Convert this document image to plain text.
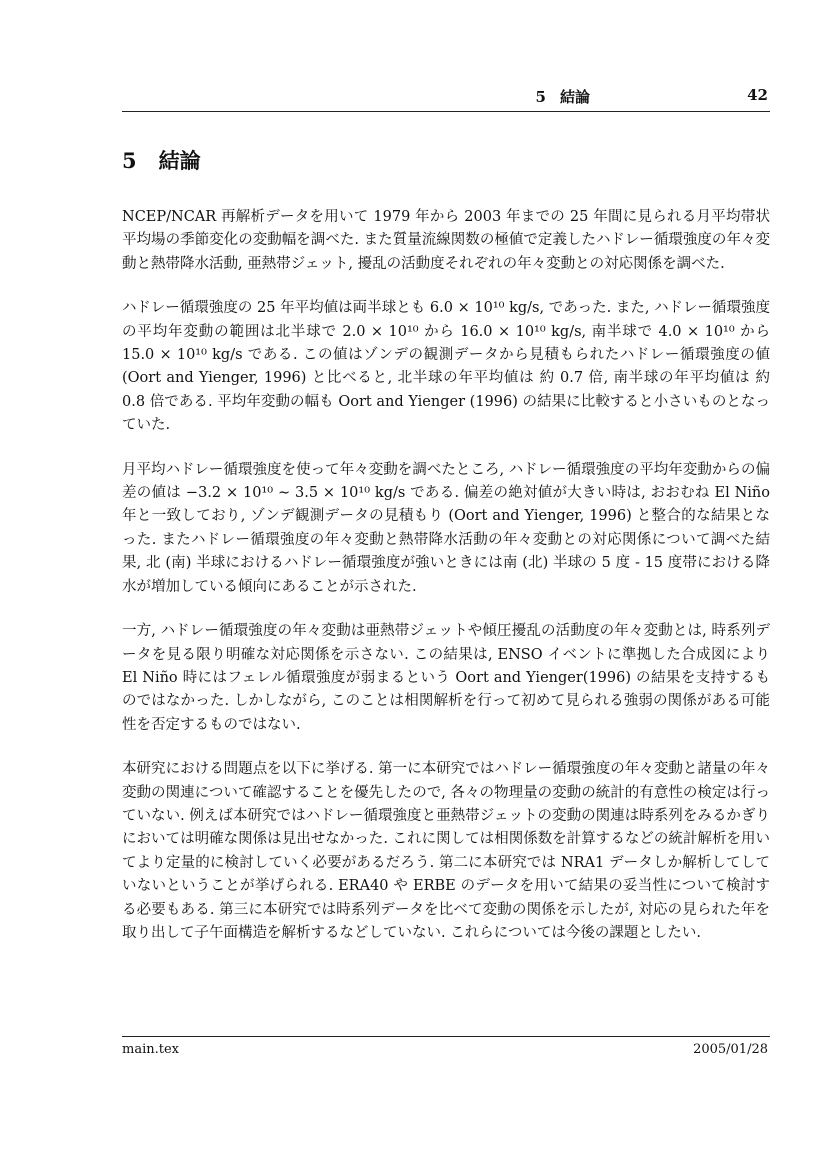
5 結論	42
5 結論

NCEP/NCAR 再解析データを用いて 1979 年から 2003 年までの 25 年間に見られる月平均帯状平均場の季節変化の変動幅を調べた. また質量流線関数の極値で定義したハドレー循環強度の年々変動と熱帯降水活動, 亜熱帯ジェット, 擾乱の活動度それぞれの年々変動との対応関係を調べた.

ハドレー循環強度の 25 年平均値は両半球とも 6.0 × 10¹⁰ kg/s, であった. また, ハドレー循環強度の平均年変動の範囲は北半球で 2.0 × 10¹⁰ から 16.0 × 10¹⁰ kg/s, 南半球で 4.0 × 10¹⁰ から 15.0 × 10¹⁰ kg/s である. この値はゾンデの観測データから見積もられたハドレー循環強度の値 (Oort and Yienger, 1996) と比べると, 北半球の年平均値は 約 0.7 倍, 南半球の年平均値は 約 0.8 倍である. 平均年変動の幅も Oort and Yienger (1996) の結果に比較すると小さいものとなっていた.

月平均ハドレー循環強度を使って年々変動を調べたところ, ハドレー循環強度の平均年変動からの偏差の値は −3.2 × 10¹⁰ ∼ 3.5 × 10¹⁰ kg/s である. 偏差の絶対値が大きい時は, おおむね El Niño 年と一致しており, ゾンデ観測データの見積もり (Oort and Yienger, 1996) と整合的な結果となった. またハドレー循環強度の年々変動と熱帯降水活動の年々変動との対応関係について調べた結果, 北 (南) 半球におけるハドレー循環強度が強いときには南 (北) 半球の 5 度 - 15 度帯における降水が増加している傾向にあることが示された.

一方, ハドレー循環強度の年々変動は亜熱帯ジェットや傾圧擾乱の活動度の年々変動とは, 時系列データを見る限り明確な対応関係を示さない. この結果は, ENSO イベントに準拠した合成図により El Niño 時にはフェレル循環強度が弱まるという Oort and Yienger(1996) の結果を支持するものではなかった. しかしながら, このことは相関解析を行って初めて見られる強弱の関係がある可能性を否定するものではない.

本研究における問題点を以下に挙げる. 第一に本研究ではハドレー循環強度の年々変動と諸量の年々変動の関連について確認することを優先したので, 各々の物理量の変動の統計的有意性の検定は行っていない. 例えば本研究ではハドレー循環強度と亜熱帯ジェットの変動の関連は時系列をみるかぎりにおいては明確な関係は見出せなかった. これに関しては相関係数を計算するなどの統計解析を用いてより定量的に検討していく必要があるだろう. 第二に本研究では NRA1 データしか解析してしていないということが挙げられる. ERA40 や ERBE のデータを用いて結果の妥当性について検討する必要もある. 第三に本研究では時系列データを比べて変動の関係を示したが, 対応の見られた年を取り出して子午面構造を解析するなどしていない. これらについては今後の課題としたい.

main.tex	2005/01/28
